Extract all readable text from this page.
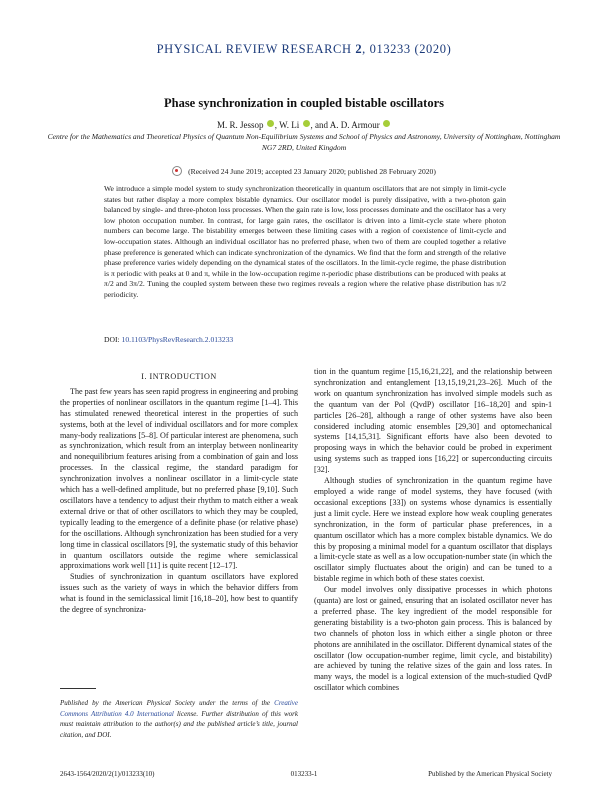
PHYSICAL REVIEW RESEARCH 2, 013233 (2020)
Phase synchronization in coupled bistable oscillators
M. R. Jessop , W. Li , and A. D. Armour
Centre for the Mathematics and Theoretical Physics of Quantum Non-Equilibrium Systems and School of Physics and Astronomy, University of Nottingham, Nottingham NG7 2RD, United Kingdom
(Received 24 June 2019; accepted 23 January 2020; published 28 February 2020)
We introduce a simple model system to study synchronization theoretically in quantum oscillators that are not simply in limit-cycle states but rather display a more complex bistable dynamics. Our oscillator model is purely dissipative, with a two-photon gain balanced by single- and three-photon loss processes. When the gain rate is low, loss processes dominate and the oscillator has a very low photon occupation number. In contrast, for large gain rates, the oscillator is driven into a limit-cycle state where photon numbers can become large. The bistability emerges between these limiting cases with a region of coexistence of limit-cycle and low-occupation states. Although an individual oscillator has no preferred phase, when two of them are coupled together a relative phase preference is generated which can indicate synchronization of the dynamics. We find that the form and strength of the relative phase preference varies widely depending on the dynamical states of the oscillators. In the limit-cycle regime, the phase distribution is π periodic with peaks at 0 and π, while in the low-occupation regime π-periodic phase distributions can be produced with peaks at π/2 and 3π/2. Tuning the coupled system between these two regimes reveals a region where the relative phase distribution has π/2 periodicity.
DOI: 10.1103/PhysRevResearch.2.013233
I. INTRODUCTION

The past few years has seen rapid progress in engineering and probing the properties of nonlinear oscillators in the quantum regime [1–4]. This has stimulated renewed theoretical interest in the properties of such systems, both at the level of individual oscillators and for more complex many-body realizations [5–8]. Of particular interest are phenomena, such as synchronization, which result from an interplay between nonlinearity and nonequilibrium features arising from a combination of gain and loss processes. In the classical regime, the standard paradigm for synchronization involves a nonlinear oscillator in a limit-cycle state which has a well-defined amplitude, but no preferred phase [9,10]. Such oscillators have a tendency to adjust their rhythm to match either a weak external drive or that of other oscillators to which they may be coupled, typically leading to the emergence of a definite phase (or relative phase) for the oscillations. Although synchronization has been studied for a very long time in classical oscillators [9], the systematic study of this behavior in quantum oscillators outside the regime where semiclassical approximations work well [11] is quite recent [12–17].

Studies of synchronization in quantum oscillators have explored issues such as the variety of ways in which the behavior differs from what is found in the semiclassical limit [16,18–20], how best to quantify the degree of synchroniza-

Published by the American Physical Society under the terms of the Creative Commons Attribution 4.0 International license. Further distribution of this work must maintain attribution to the author(s) and the published article’s title, journal citation, and DOI.

tion in the quantum regime [15,16,21,22], and the relationship between synchronization and entanglement [13,15,19,21,23–26]. Much of the work on quantum synchronization has involved simple models such as the quantum van der Pol (QvdP) oscillator [16–18,20] and spin-1 particles [26–28], although a range of other systems have also been considered including atomic ensembles [29,30] and optomechanical systems [14,15,31]. Significant efforts have also been devoted to proposing ways in which the behavior could be probed in experiment using systems such as trapped ions [16,22] or superconducting circuits [32].

Although studies of synchronization in the quantum regime have employed a wide range of model systems, they have focused (with occasional exceptions [33]) on systems whose dynamics is essentially just a limit cycle. Here we instead explore how weak coupling generates synchronization, in the form of particular phase preferences, in a quantum oscillator which has a more complex bistable dynamics. We do this by proposing a minimal model for a quantum oscillator that displays a limit-cycle state as well as a low occupation-number state (in which the oscillator simply fluctuates about the origin) and can be tuned to a bistable regime in which both of these states coexist.

Our model involves only dissipative processes in which photons (quanta) are lost or gained, ensuring that an isolated oscillator never has a preferred phase. The key ingredient of the model responsible for generating bistability is a two-photon gain process. This is balanced by two channels of photon loss in which either a single photon or three photons are annihilated in the oscillator. Different dynamical states of the oscillator (low occupation-number regime, limit cycle, and bistability) are achieved by tuning the relative sizes of the gain and loss rates. In many ways, the model is a logical extension of the much-studied QvdP oscillator which combines

2643-1564/2020/2(1)/013233(10)	013233-1	Published by the American Physical Society
